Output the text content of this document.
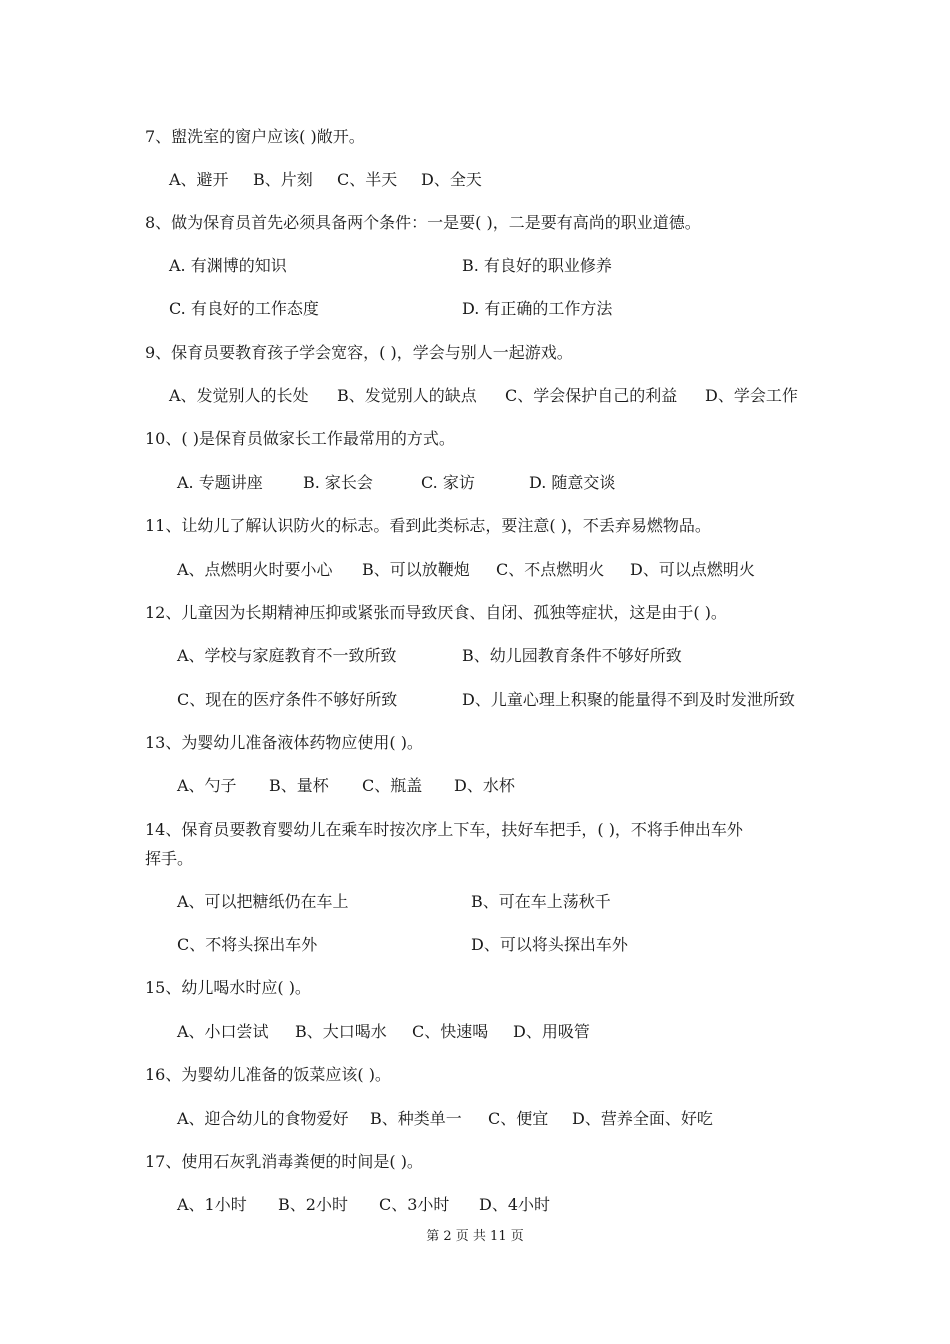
7、盥洗室的窗户应该( )敞开。
A、避开 B、片刻 C、半天 D、全天
8、做为保育员首先必须具备两个条件：一是要( )，二是要有高尚的职业道德。
A. 有渊博的知识	B. 有良好的职业修养
C. 有良好的工作态度	D. 有正确的工作方法
9、保育员要教育孩子学会宽容，( )，学会与别人一起游戏。
A、发觉别人的长处 B、发觉别人的缺点 C、学会保护自己的利益 D、学会工作
10、( )是保育员做家长工作最常用的方式。
A. 专题讲座	B. 家长会	C. 家访	D. 随意交谈
11、让幼儿了解认识防火的标志。看到此类标志，要注意( )，不丢弃易燃物品。
A、点燃明火时要小心 B、可以放鞭炮 C、不点燃明火 D、可以点燃明火
12、儿童因为长期精神压抑或紧张而导致厌食、自闭、孤独等症状，这是由于( )。
A、学校与家庭教育不一致所致	B、幼儿园教育条件不够好所致
C、现在的医疗条件不够好所致	D、儿童心理上积聚的能量得不到及时发泄所致
13、为婴幼儿准备液体药物应使用( )。
A、勺子 B、量杯 C、瓶盖 D、水杯
14、保育员要教育婴幼儿在乘车时按次序上下车，扶好车把手，( )，不将手伸出车外
挥手。
A、可以把糖纸仍在车上	B、可在车上荡秋千
C、不将头探出车外	D、可以将头探出车外
15、幼儿喝水时应( )。
A、小口尝试 B、大口喝水 C、快速喝 D、用吸管
16、为婴幼儿准备的饭菜应该( )。
A、迎合幼儿的食物爱好 B、种类单一 C、便宜 D、营养全面、好吃
17、使用石灰乳消毒粪便的时间是( )。
A、1小时 B、2小时 C、3小时 D、4小时
第 2 页 共 11 页
